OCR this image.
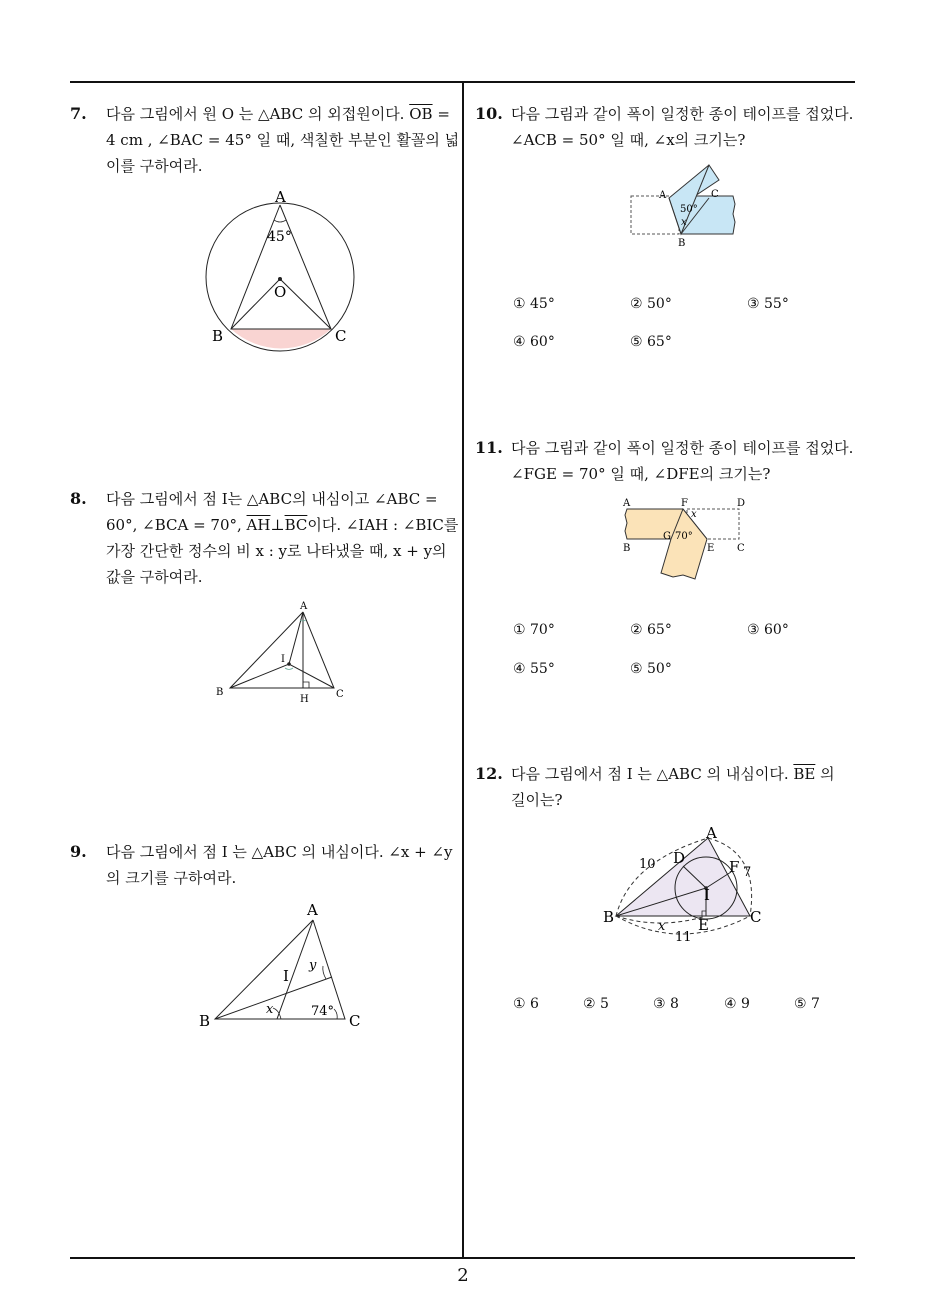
7. 다음 그림에서 원 O 는 △ABC 의 외접원이다. $\overline{OB}$ =
4 cm , ∠BAC = 45° 일 때, 색칠한 부분인 활꼴의 넓
이를 구하여라.
A
B	C
O
45°
8. 다음 그림에서 점 I는 △ABC의 내심이고 ∠ABC =
60°, ∠BCA = 70°, $\overline{AH}\perp\overline{BC}$이다. ∠IAH : ∠BIC를
가장 간단한 정수의 비 x : y로 나타냈을 때, x + y의
값을 구하여라.
A
B	C
I
H
9. 다음 그림에서 점 I 는 △ABC 의 내심이다. ∠x + ∠y
의 크기를 구하여라.
A
B	C
I
x
y
74°
10. 다음 그림과 같이 폭이 일정한 종이 테이프를 접었다.
∠ACB = 50° 일 때, ∠x의 크기는?
A
B
C
50°
x
① 45°	② 50°	③ 55°
④ 60°	⑤ 65°
11. 다음 그림과 같이 폭이 일정한 종이 테이프를 접었다.
∠FGE = 70° 일 때, ∠DFE의 크기는?
A
B	C
D
E
F
G
x
70°
① 70°	② 65°	③ 60°
④ 55°	⑤ 50°
12. 다음 그림에서 점 I 는 △ABC 의 내심이다. $\overline{BE}$ 의
길이는?
A
B	C
D
E
F
I
x
10
7
11
① 6	② 5	③ 8	④ 9	⑤ 7
2
